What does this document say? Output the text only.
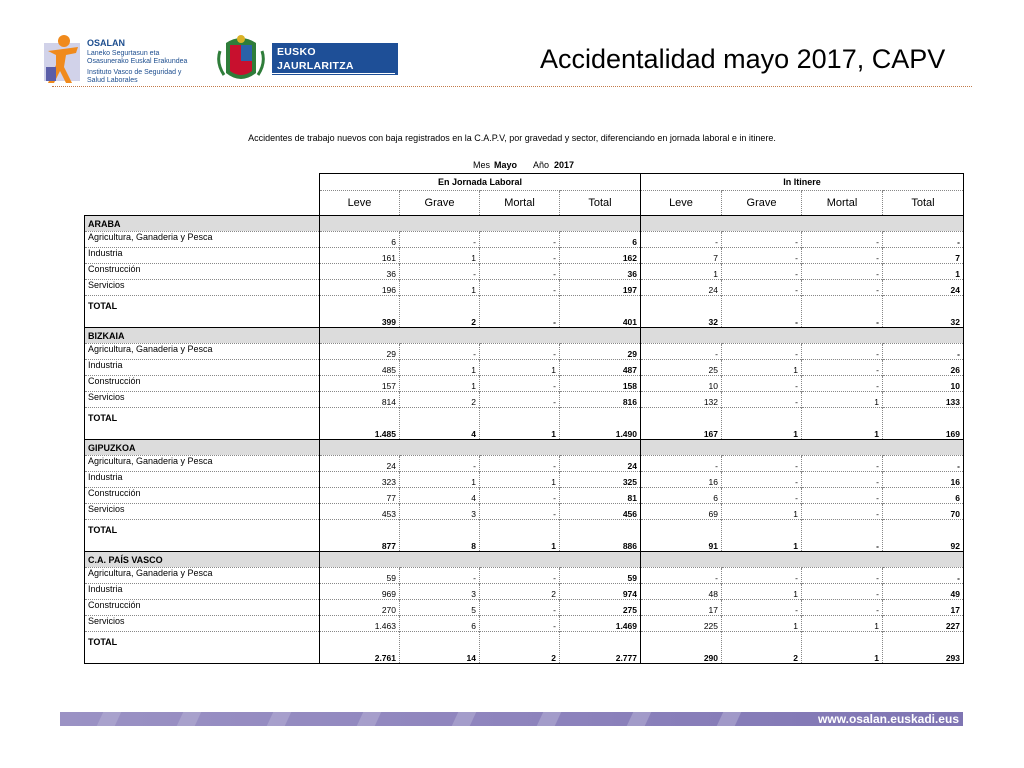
OSALAN
Laneko Segurtasun eta
Osasunerako Euskal Erakundea
Instituto Vasco de Seguridad y
Salud Laborales
EUSKO JAURLARITZA
GOBIERNO VASCO
Accidentalidad mayo 2017, CAPV
Accidentes de trabajo nuevos con baja registrados en la C.A.P.V, por gravedad y sector, diferenciando en jornada laboral e in itinere.
Mes Mayo Año 2017
	En Jornada Laboral				In Itinere			
	Leve	Grave	Mortal	Total	Leve	Grave	Mortal	Total
ARABA								
Agricultura, Ganaderia y Pesca	6	-	-	6	-	-	-	-
Industria	161	1	-	162	7	-	-	7
Construcción	36	-	-	36	1	-	-	1
Servicios	196	1	-	197	24	-	-	24
TOTAL	399	2	-	401	32	-	-	32
BIZKAIA								
Agricultura, Ganaderia y Pesca	29	-	-	29	-	-	-	-
Industria	485	1	1	487	25	1	-	26
Construcción	157	1	-	158	10	-	-	10
Servicios	814	2	-	816	132	-	1	133
TOTAL	1.485	4	1	1.490	167	1	1	169
GIPUZKOA								
Agricultura, Ganaderia y Pesca	24	-	-	24	-	-	-	-
Industria	323	1	1	325	16	-	-	16
Construcción	77	4	-	81	6	-	-	6
Servicios	453	3	-	456	69	1	-	70
TOTAL	877	8	1	886	91	1	-	92
C.A. PAÍS VASCO								
Agricultura, Ganaderia y Pesca	59	-	-	59	-	-	-	-
Industria	969	3	2	974	48	1	-	49
Construcción	270	5	-	275	17	-	-	17
Servicios	1.463	6	-	1.469	225	1	1	227
TOTAL	2.761	14	2	2.777	290	2	1	293
www.osalan.euskadi.eus
